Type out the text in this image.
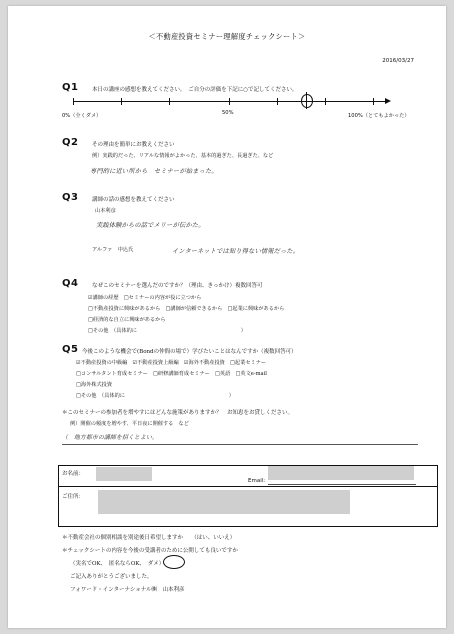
＜不動産投資セミナー理解度チェックシート＞
2016/03/27
Q1 本日の講座の感想を教えてください。　ご自分の評価を下記に○で記してください。
0%（全くダメ）	50%	100%（とてもよかった）
Q2 その理由を簡単にお教えください
例）実践的だった、リアルな情報がよかった、基本的過ぎた、長過ぎた、など
専門的に近い所から　セミナーが始まった。
Q3 講師の話の感想を教えてください
山本利彦
実践体験からの話でメリーが伝かた。
アルファ　中込氏	インターネットでは知り得ない情報だった。
Q4 なぜこのセミナーを選んだのですか？（理由、きっかけ）複数回答可
☑講師の経歴　□セミナーの内容が役に立つから
□不動産投資に興味があるから　□講師が信頼できるから　□起業に興味があるから
□経済的な自立に興味があるから
□その他　（具体的に　　　　　　　　　　　　　　　　　　　　）
Q5 今後このような機会で(Bondの仲間の場で）学びたいことはなんですか（複数回答可）
☑不動産投資の中級編　☑不動産投資上級編　☑海外不動産投資　□起業セミナー
□コンサルタント育成セミナー　□研修講師育成セミナー　□英語　□英文e-mail
□海外株式投資
□その他　（具体的に　　　　　　　　　　　　　　　　　　　　）
＊このセミナーの参加者を増やすにはどんな施策がありますか？　お知恵をお貸しください。
例）開催の頻度を増やす、平日夜に開催する　など
（　地方都市の講師を招くとよい。
お名前：
Email:
ご住所：
＊不動産会社の個別相談を別途後日希望しますか　　（はい、いいえ）
＊チェックシートの内容を今後の受講者のために公開しても良いですか
（実名でOK、　匿名ならOK、　ダメ）
ご記入ありがとうございました。
フォワード・インターナショナル㈱　山本利彦
